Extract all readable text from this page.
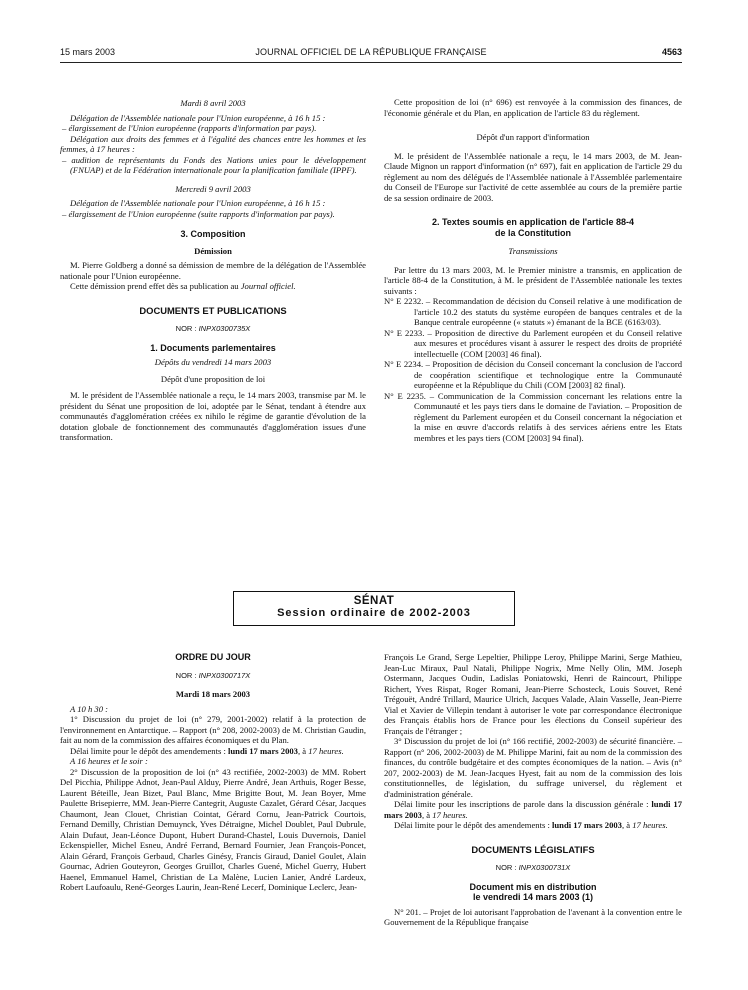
15 mars 2003	JOURNAL OFFICIEL DE LA RÉPUBLIQUE FRANÇAISE	4563

Mardi 8 avril 2003

Délégation de l'Assemblée nationale pour l'Union européenne, à 16 h 15 :

– élargissement de l'Union européenne (rapports d'information par pays).

Délégation aux droits des femmes et à l'égalité des chances entre les hommes et les femmes, à 17 heures :

– audition de représentants du Fonds des Nations unies pour le développement (FNUAP) et de la Fédération internationale pour la planification familiale (IPPF).

Mercredi 9 avril 2003

Délégation de l'Assemblée nationale pour l'Union européenne, à 16 h 15 :

– élargissement de l'Union européenne (suite rapports d'information par pays).

3. Composition

Démission

M. Pierre Goldberg a donné sa démission de membre de la délégation de l'Assemblée nationale pour l'Union européenne.

Cette démission prend effet dès sa publication au Journal officiel.

DOCUMENTS ET PUBLICATIONS

NOR : INPX0300735X

1. Documents parlementaires

Dépôts du vendredi 14 mars 2003

Dépôt d'une proposition de loi

M. le président de l'Assemblée nationale a reçu, le 14 mars 2003, transmise par M. le président du Sénat une proposition de loi, adoptée par le Sénat, tendant à étendre aux communautés d'agglomération créées ex nihilo le régime de garantie d'évolution de la dotation globale de fonctionnement des communautés d'agglomération issues d'une transformation.

Cette proposition de loi (n° 696) est renvoyée à la commission des finances, de l'économie générale et du Plan, en application de l'article 83 du règlement.

Dépôt d'un rapport d'information

M. le président de l'Assemblée nationale a reçu, le 14 mars 2003, de M. Jean-Claude Mignon un rapport d'information (n° 697), fait en application de l'article 29 du règlement au nom des délégués de l'Assemblée nationale à l'Assemblée parlementaire du Conseil de l'Europe sur l'activité de cette assemblée au cours de la première partie de sa session ordinaire de 2003.

2. Textes soumis en application de l'article 88-4

de la Constitution

Transmissions

Par lettre du 13 mars 2003, M. le Premier ministre a transmis, en application de l'article 88-4 de la Constitution, à M. le président de l'Assemblée nationale les textes suivants :

N° E 2232. – Recommandation de décision du Conseil relative à une modification de l'article 10.2 des statuts du système européen de banques centrales et de la Banque centrale européenne (« statuts ») émanant de la BCE (6163/03).

N° E 2233. – Proposition de directive du Parlement européen et du Conseil relative aux mesures et procédures visant à assurer le respect des droits de propriété intellectuelle (COM [2003] 46 final).

N° E 2234. – Proposition de décision du Conseil concernant la conclusion de l'accord de coopération scientifique et technologique entre la Communauté européenne et la République du Chili (COM [2003] 82 final).

N° E 2235. – Communication de la Commission concernant les relations entre la Communauté et les pays tiers dans le domaine de l'aviation. – Proposition de règlement du Parlement européen et du Conseil concernant la négociation et la mise en œuvre d'accords relatifs à des services aériens entre les Etats membres et les pays tiers (COM [2003] 94 final).

SÉNAT
Session ordinaire de 2002-2003

ORDRE DU JOUR

NOR : INPX0300717X

Mardi 18 mars 2003

A 10 h 30 :

1° Discussion du projet de loi (n° 279, 2001-2002) relatif à la protection de l'environnement en Antarctique. – Rapport (n° 208, 2002-2003) de M. Christian Gaudin, fait au nom de la commission des affaires économiques et du Plan.

Délai limite pour le dépôt des amendements : lundi 17 mars 2003, à 17 heures.

A 16 heures et le soir :

2° Discussion de la proposition de loi (n° 43 rectifiée, 2002-2003) de MM. Robert Del Picchia, Philippe Adnot, Jean-Paul Alduy, Pierre André, Jean Arthuis, Roger Besse, Laurent Béteille, Jean Bizet, Paul Blanc, Mme Brigitte Bout, M. Jean Boyer, Mme Paulette Brisepierre, MM. Jean-Pierre Cantegrit, Auguste Cazalet, Gérard César, Jacques Chaumont, Jean Clouet, Christian Cointat, Gérard Cornu, Jean-Patrick Courtois, Fernand Demilly, Christian Demuynck, Yves Détraigne, Michel Doublet, Paul Dubrule, Alain Dufaut, Jean-Léonce Dupont, Hubert Durand-Chastel, Louis Duvernois, Daniel Eckenspieller, Michel Esneu, André Ferrand, Bernard Fournier, Jean François-Poncet, Alain Gérard, François Gerbaud, Charles Ginésy, Francis Giraud, Daniel Goulet, Alain Gournac, Adrien Gouteyron, Georges Gruillot, Charles Guené, Michel Guerry, Hubert Haenel, Emmanuel Hamel, Christian de La Malène, Lucien Lanier, André Lardeux, Robert Laufoaulu, René-Georges Laurin, Jean-René Lecerf, Dominique Leclerc, Jean-

François Le Grand, Serge Lepeltier, Philippe Leroy, Philippe Marini, Serge Mathieu, Jean-Luc Miraux, Paul Natali, Philippe Nogrix, Mme Nelly Olin, MM. Joseph Ostermann, Jacques Oudin, Ladislas Poniatowski, Henri de Raincourt, Philippe Richert, Yves Rispat, Roger Romani, Jean-Pierre Schosteck, Louis Souvet, René Trégouët, André Trillard, Maurice Ulrich, Jacques Valade, Alain Vasselle, Jean-Pierre Vial et Xavier de Villepin tendant à autoriser le vote par correspondance électronique des Français établis hors de France pour les élections du Conseil supérieur des Français de l'étranger ;

3° Discussion du projet de loi (n° 166 rectifié, 2002-2003) de sécurité financière. – Rapport (n° 206, 2002-2003) de M. Philippe Marini, fait au nom de la commission des finances, du contrôle budgétaire et des comptes économiques de la nation. – Avis (n° 207, 2002-2003) de M. Jean-Jacques Hyest, fait au nom de la commission des lois constitutionnelles, de législation, du suffrage universel, du règlement et d'administration générale.

Délai limite pour les inscriptions de parole dans la discussion générale : lundi 17 mars 2003, à 17 heures.

Délai limite pour le dépôt des amendements : lundi 17 mars 2003, à 17 heures.

DOCUMENTS LÉGISLATIFS

NOR : INPX0300731X

Document mis en distribution

le vendredi 14 mars 2003 (1)

N° 201. – Projet de loi autorisant l'approbation de l'avenant à la convention entre le Gouvernement de la République française
